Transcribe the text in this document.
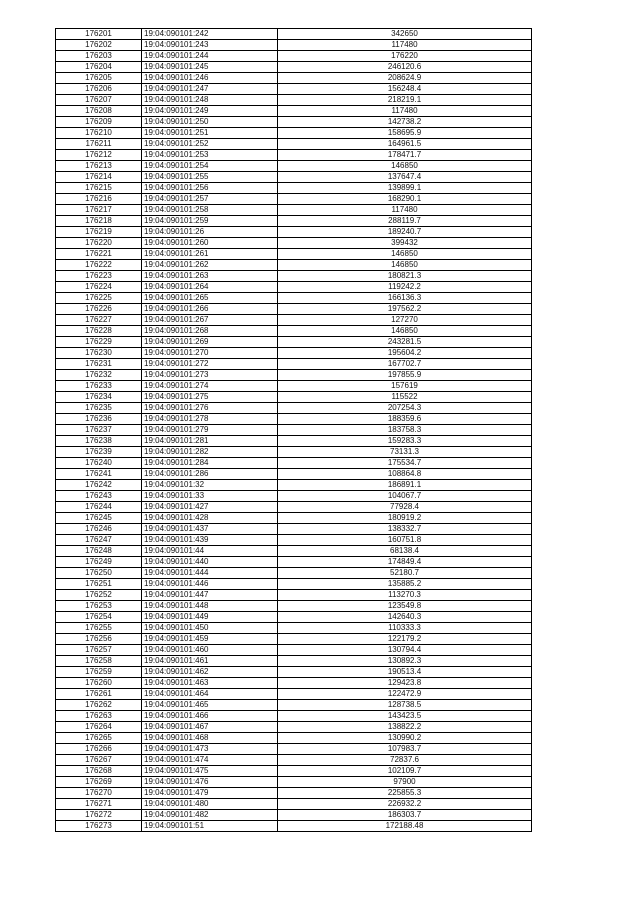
176201	19:04:090101:242	342650
176202	19:04:090101:243	117480
176203	19:04:090101:244	176220
176204	19:04:090101:245	246120.6
176205	19:04:090101:246	208624.9
176206	19:04:090101:247	156248.4
176207	19:04:090101:248	218219.1
176208	19:04:090101:249	117480
176209	19:04:090101:250	142738.2
176210	19:04:090101:251	158695.9
176211	19:04:090101:252	164961.5
176212	19:04:090101:253	178471.7
176213	19:04:090101:254	146850
176214	19:04:090101:255	137647.4
176215	19:04:090101:256	139899.1
176216	19:04:090101:257	168290.1
176217	19:04:090101:258	117480
176218	19:04:090101:259	288119.7
176219	19:04:090101:26	189240.7
176220	19:04:090101:260	399432
176221	19:04:090101:261	146850
176222	19:04:090101:262	146850
176223	19:04:090101:263	180821.3
176224	19:04:090101:264	119242.2
176225	19:04:090101:265	166136.3
176226	19:04:090101:266	197562.2
176227	19:04:090101:267	127270
176228	19:04:090101:268	146850
176229	19:04:090101:269	243281.5
176230	19:04:090101:270	195604.2
176231	19:04:090101:272	167702.7
176232	19:04:090101:273	197855.9
176233	19:04:090101:274	157619
176234	19:04:090101:275	115522
176235	19:04:090101:276	207254.3
176236	19:04:090101:278	188359.6
176237	19:04:090101:279	183758.3
176238	19:04:090101:281	159283.3
176239	19:04:090101:282	73131.3
176240	19:04:090101:284	175534.7
176241	19:04:090101:286	108864.8
176242	19:04:090101:32	186891.1
176243	19:04:090101:33	104067.7
176244	19:04:090101:427	77928.4
176245	19:04:090101:428	180919.2
176246	19:04:090101:437	138332.7
176247	19:04:090101:439	160751.8
176248	19:04:090101:44	68138.4
176249	19:04:090101:440	174849.4
176250	19:04:090101:444	52180.7
176251	19:04:090101:446	135885.2
176252	19:04:090101:447	113270.3
176253	19:04:090101:448	123549.8
176254	19:04:090101:449	142640.3
176255	19:04:090101:450	110333.3
176256	19:04:090101:459	122179.2
176257	19:04:090101:460	130794.4
176258	19:04:090101:461	130892.3
176259	19:04:090101:462	190513.4
176260	19:04:090101:463	129423.8
176261	19:04:090101:464	122472.9
176262	19:04:090101:465	128738.5
176263	19:04:090101:466	143423.5
176264	19:04:090101:467	138822.2
176265	19:04:090101:468	130990.2
176266	19:04:090101:473	107983.7
176267	19:04:090101:474	72837.6
176268	19:04:090101:475	102109.7
176269	19:04:090101:476	97900
176270	19:04:090101:479	225855.3
176271	19:04:090101:480	226932.2
176272	19:04:090101:482	186303.7
176273	19:04:090101:51	172188.48
